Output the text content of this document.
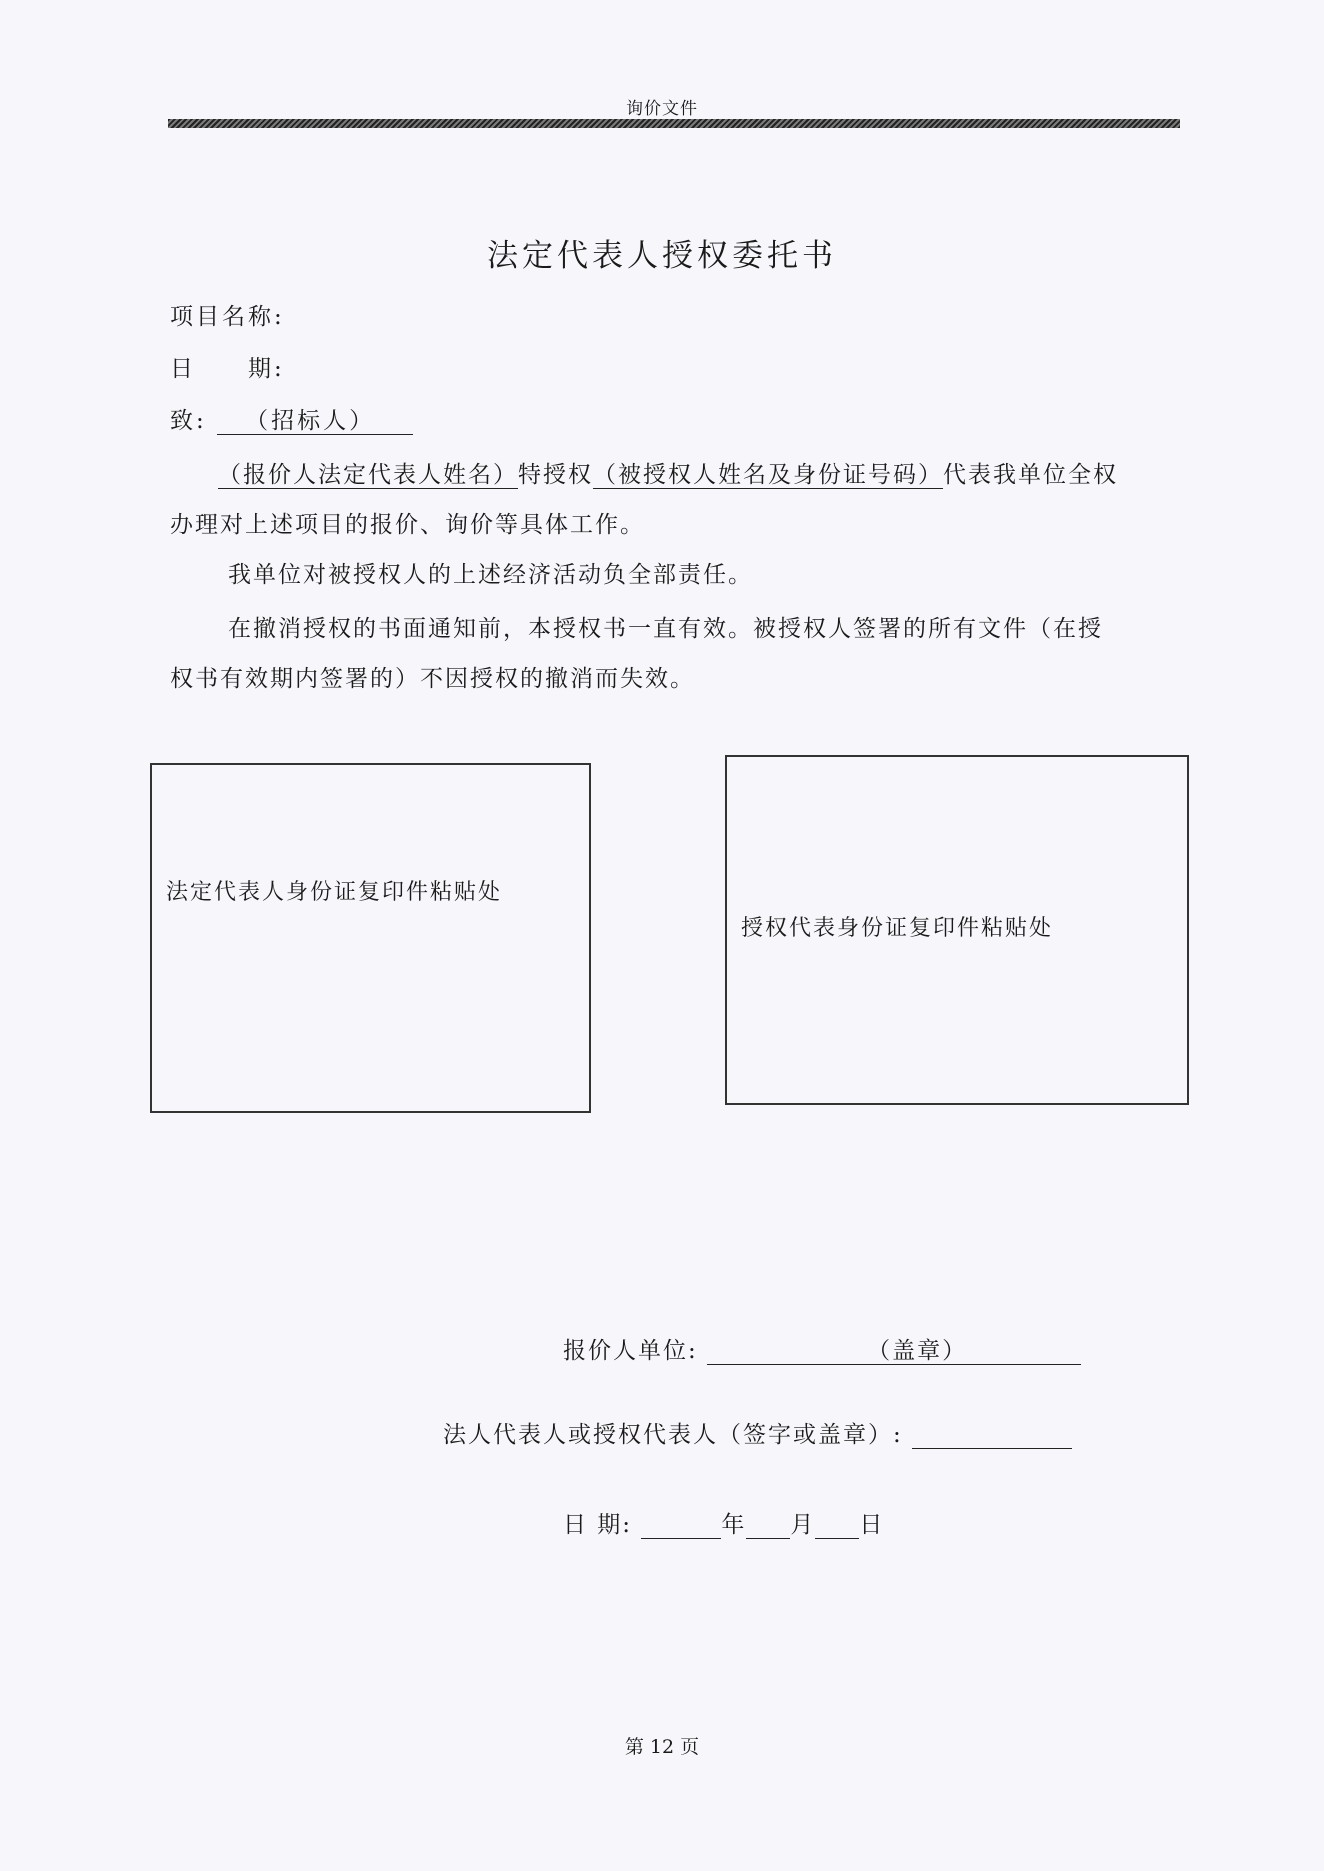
询价文件
法定代表人授权委托书
项目名称:
日　　期:
致: （招标人）
（报价人法定代表人姓名）特授权（被授权人姓名及身份证号码）代表我单位全权
办理对上述项目的报价、询价等具体工作。
我单位对被授权人的上述经济活动负全部责任。
在撤消授权的书面通知前，本授权书一直有效。被授权人签署的所有文件（在授
权书有效期内签署的）不因授权的撤消而失效。
法定代表人身份证复印件粘贴处
授权代表身份证复印件粘贴处
报价人单位:	（盖章）
法人代表人或授权代表人（签字或盖章）:
日 期:	年 月 日
第 12 页
